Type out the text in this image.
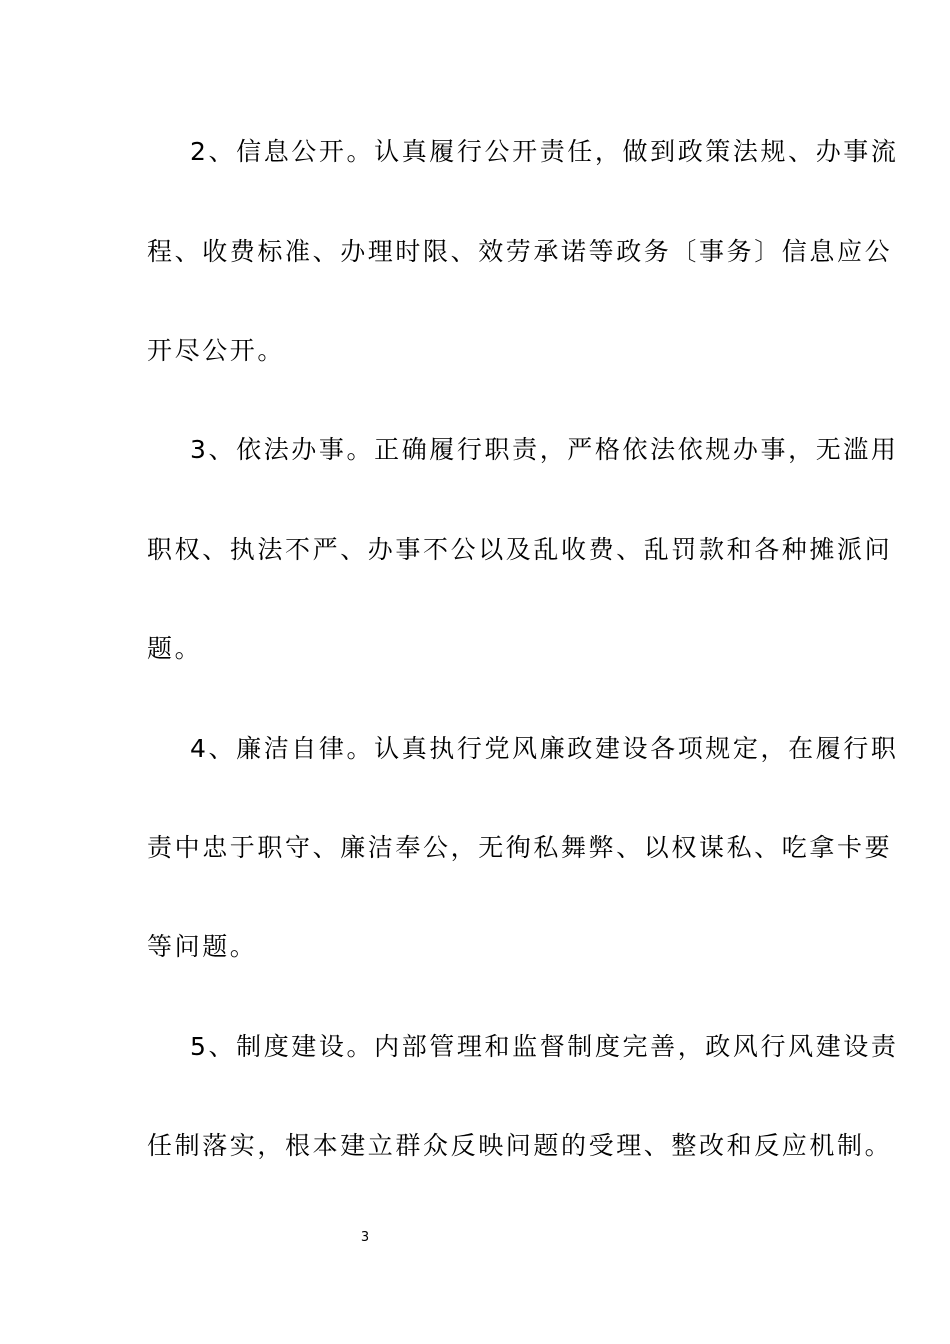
2、信息公开。认真履行公开责任，做到政策法规、办事流
程、收费标准、办理时限、效劳承诺等政务〔事务〕信息应公
开尽公开。
3、依法办事。正确履行职责，严格依法依规办事，无滥用
职权、执法不严、办事不公以及乱收费、乱罚款和各种摊派问
题。
4、廉洁自律。认真执行党风廉政建设各项规定，在履行职
责中忠于职守、廉洁奉公，无徇私舞弊、以权谋私、吃拿卡要
等问题。
5、制度建设。内部管理和监督制度完善，政风行风建设责
任制落实，根本建立群众反映问题的受理、整改和反应机制。
3
